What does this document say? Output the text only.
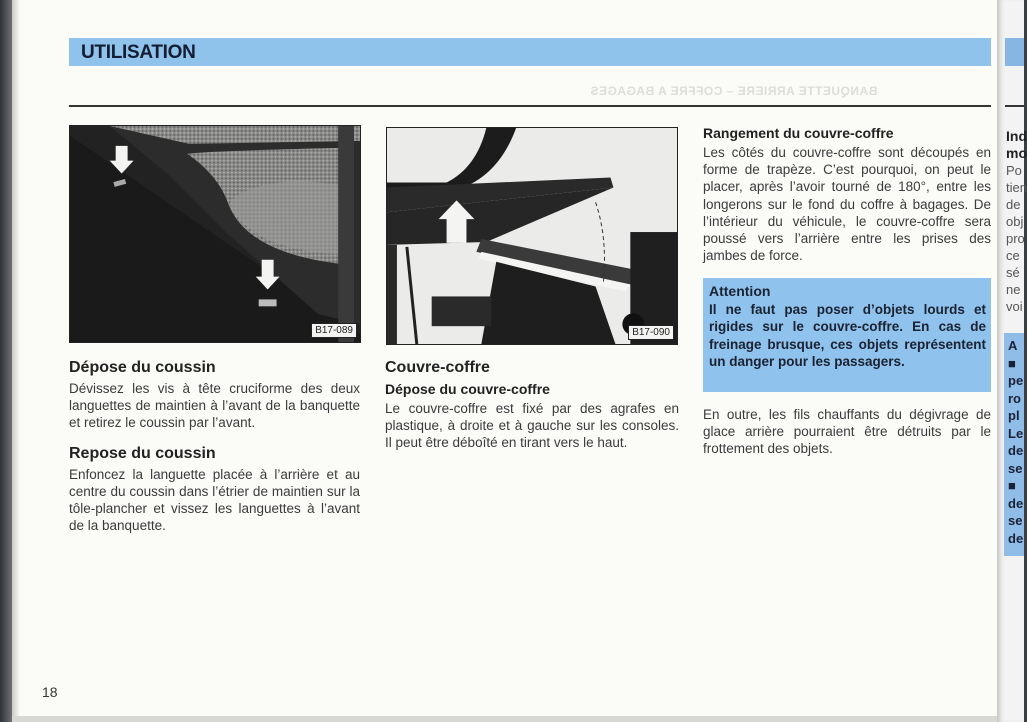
UTILISATION
BANQUETTE ARRIERE – COFFRE A BAGAGES
Ind
mo
Po
tien
de
obj
pro
ce
sé
ne
voi
A
■
pe
ro
pl
Le
de
se
■
de
se
de
B17-089	B17-090
Dépose du coussin

Dévissez les vis à tête cruciforme des deux languettes de maintien à l’avant de la banquette et retirez le coussin par l’avant.

Repose du coussin

Enfoncez la languette placée à l’arrière et au centre du coussin dans l’étrier de maintien sur la tôle-plancher et vissez les languettes à l’avant de la banquette.

Couvre-coffre
Dépose du couvre-coffre

Le couvre-coffre est fixé par des agrafes en plastique, à droite et à gauche sur les consoles. Il peut être déboîté en tirant vers le haut.

Rangement du couvre-coffre

Les côtés du couvre-coffre sont découpés en forme de trapèze. C’est pourquoi, on peut le placer, après l’avoir tourné de 180°, entre les longerons sur le fond du coffre à bagages. De l’intérieur du véhicule, le couvre-coffre sera poussé vers l’arrière entre les prises des jambes de force.

Attention

Il ne faut pas poser d’objets lourds et rigides sur le couvre-coffre. En cas de freinage brusque, ces objets représentent un danger pour les passagers.

En outre, les fils chauffants du dégivrage de glace arrière pourraient être détruits par le frottement des objets.

18
